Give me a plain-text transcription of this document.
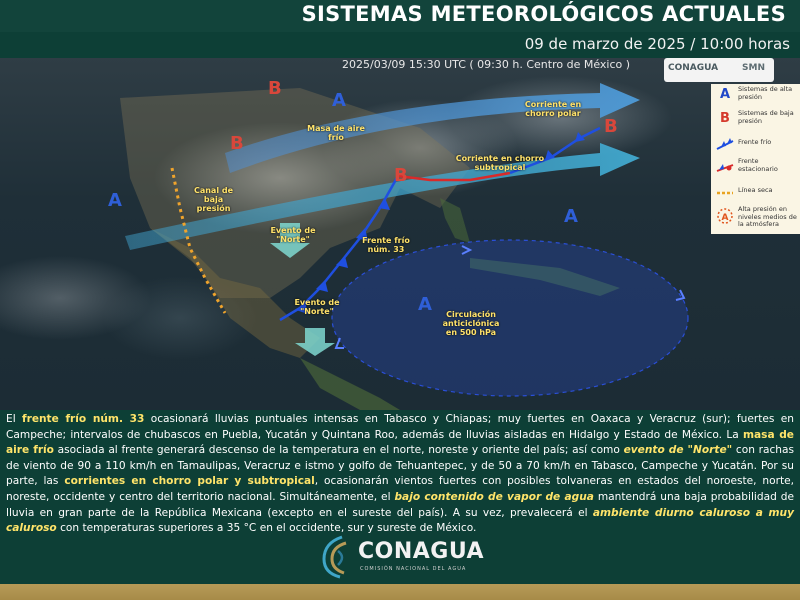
SISTEMAS METEOROLÓGICOS ACTUALES
09 de marzo de 2025 / 10:00 horas
2025/03/09 15:30 UTC ( 09:30 h. Centro de México )	CONAGUA	SMN
B
A
B
A
B
B
A
A
Masa de aire frío
Canal de baja presión
Evento de "Norte"
Evento de "Norte"
Frente frío núm. 33
Corriente en chorro polar
Corriente en chorro subtropical
Circulación anticiclónica en 500 hPa
A	Sistemas de alta presión
B	Sistemas de baja presión
Frente frío
Frente estacionario
Línea seca
A
Alta presión en niveles medios de la atmósfera
El frente frío núm. 33 ocasionará lluvias puntuales intensas en Tabasco y Chiapas; muy fuertes en Oaxaca y Veracruz (sur); fuertes en Campeche; intervalos de chubascos en Puebla, Yucatán y Quintana Roo, además de lluvias aisladas en Hidalgo y Estado de México. La masa de aire frío asociada al frente generará descenso de la temperatura en el norte, noreste y oriente del país; así como evento de "Norte" con rachas de viento de 90 a 110 km/h en Tamaulipas, Veracruz e istmo y golfo de Tehuantepec, y de 50 a 70 km/h en Tabasco, Campeche y Yucatán. Por su parte, las corrientes en chorro polar y subtropical, ocasionarán vientos fuertes con posibles tolvaneras en estados del noroeste, norte, noreste, occidente y centro del territorio nacional. Simultáneamente, el bajo contenido de vapor de agua mantendrá una baja probabilidad de lluvia en gran parte de la República Mexicana (excepto en el sureste del país). A su vez, prevalecerá el ambiente diurno caluroso a muy caluroso con temperaturas superiores a 35 °C en el occidente, sur y sureste de México.
CONAGUA
COMISIÓN NACIONAL DEL AGUA
